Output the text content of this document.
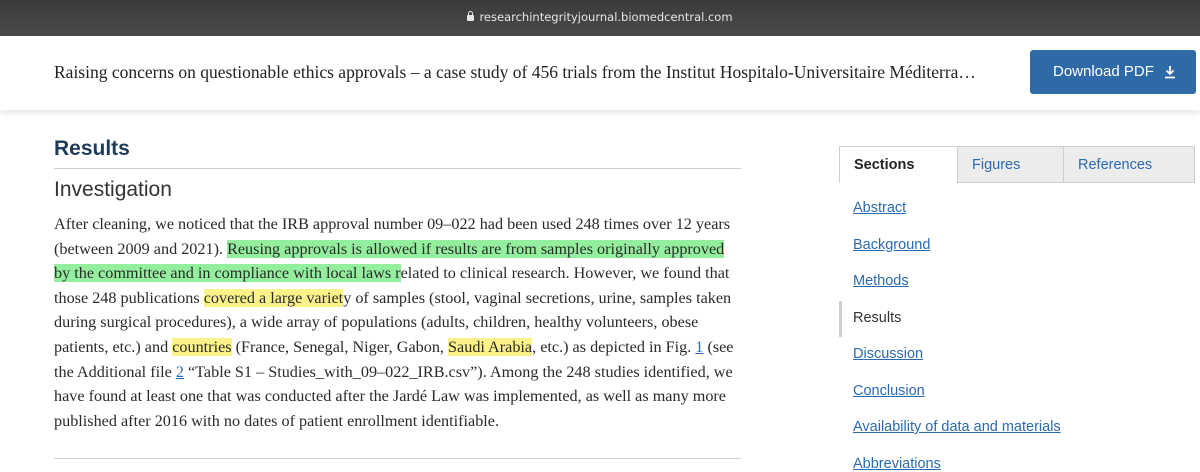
researchintegrityjournal.biomedcentral.com
Raising concerns on questionable ethics approvals – a case study of 456 trials from the Institut Hospitalo-Universitaire Méditerra…	Download PDF
Results
Investigation
After cleaning, we noticed that the IRB approval number 09–022 had been used 248 times over 12 years (between 2009 and 2021). Reusing approvals is allowed if results are from samples originally approved by the committee and in compliance with local laws related to clinical research. However, we found that those 248 publications covered a large variety of samples (stool, vaginal secretions, urine, samples taken during surgical procedures), a wide array of populations (adults, children, healthy volunteers, obese patients, etc.) and countries (France, Senegal, Niger, Gabon, Saudi Arabia, etc.) as depicted in Fig. 1 (see the Additional file 2 “Table S1 – Studies_with_09–022_IRB.csv”). Among the 248 studies identified, we have found at least one that was conducted after the Jardé Law was implemented, as well as many more published after 2016 with no dates of patient enrollment identifiable.
Sections	Figures	References
Abstract
Background
Methods
Results
Discussion
Conclusion
Availability of data and materials
Abbreviations
